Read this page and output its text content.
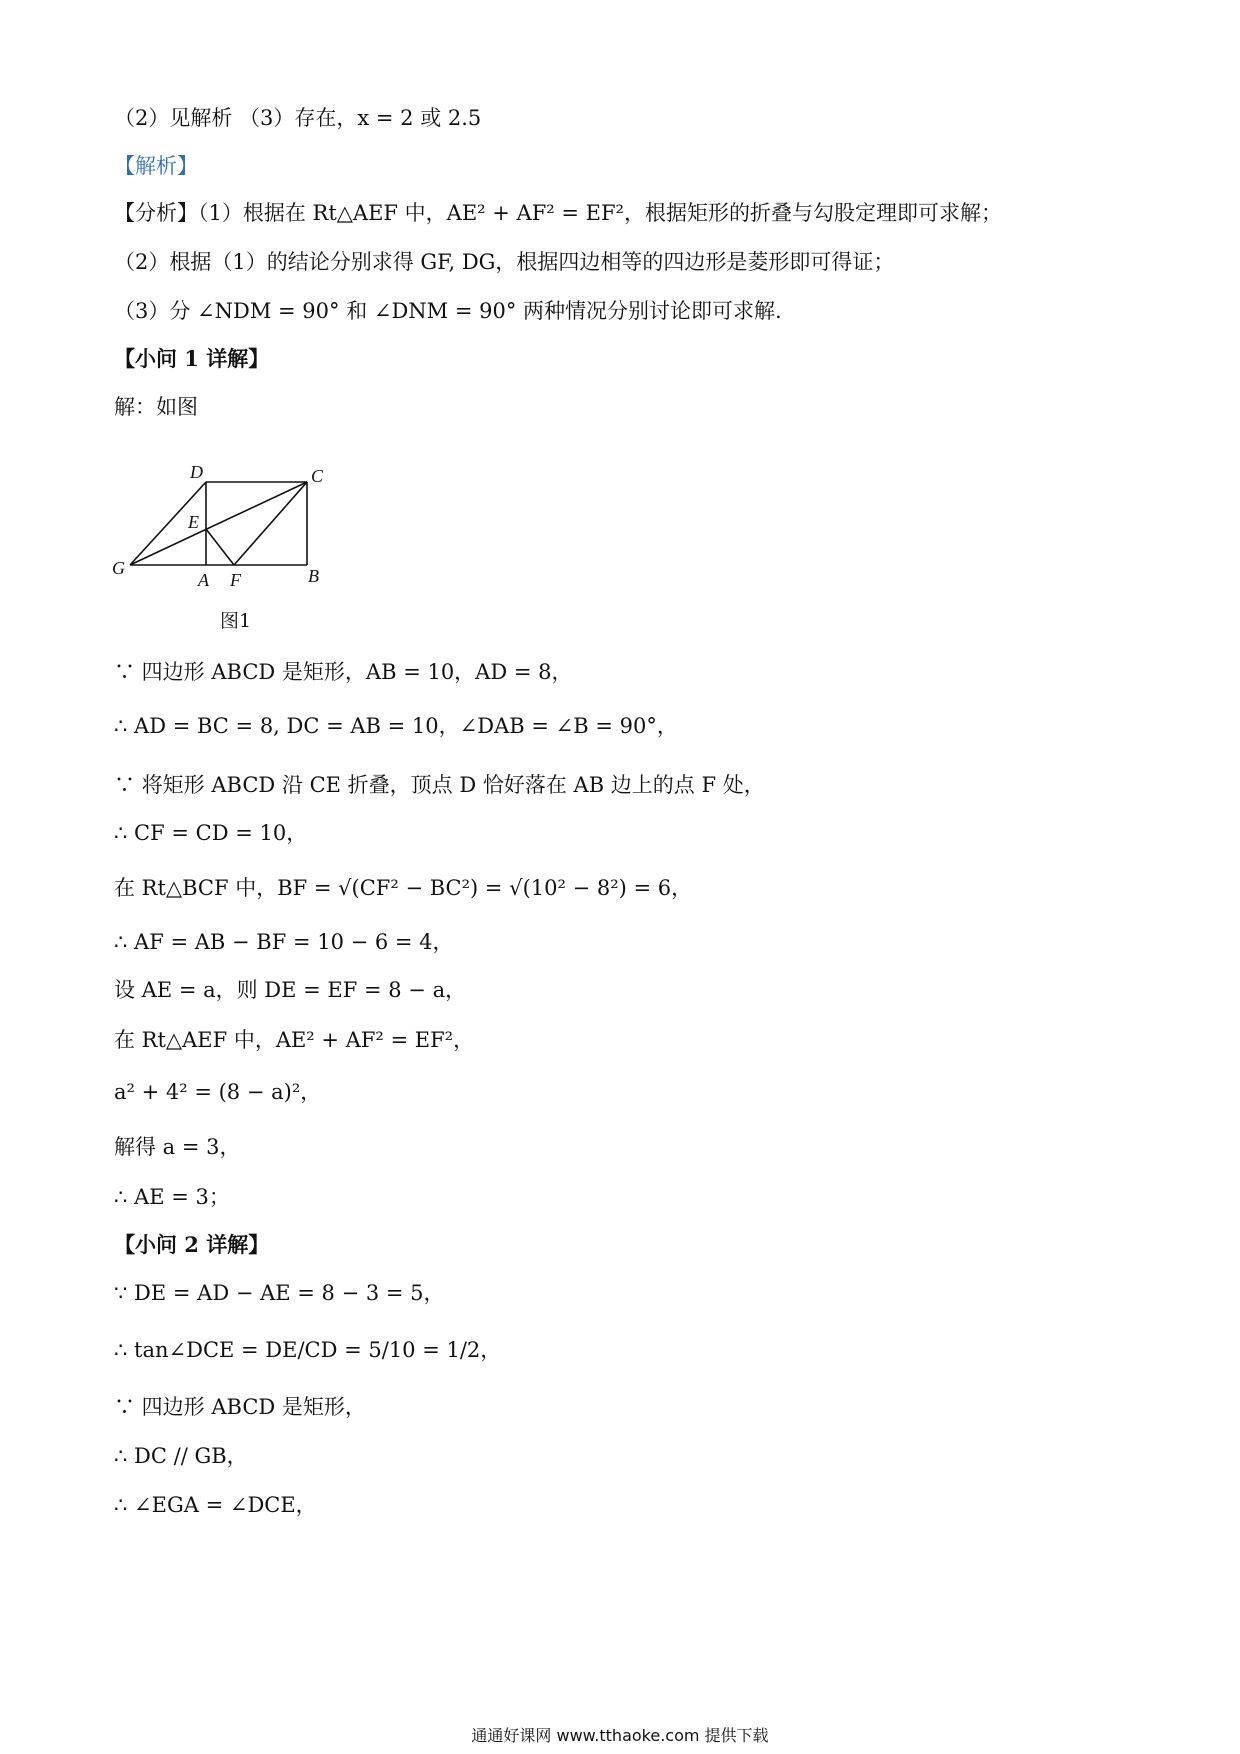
（2）见解析 （3）存在，x = 2 或 2.5
【解析】
【分析】（1）根据在 Rt△AEF 中，AE² + AF² = EF²，根据矩形的折叠与勾股定理即可求解；
（2）根据（1）的结论分别求得 GF, DG，根据四边相等的四边形是菱形即可得证；
（3）分 ∠NDM = 90° 和 ∠DNM = 90° 两种情况分别讨论即可求解.
【小问 1 详解】
解：如图
D	C
E
G
A F	B
图1
∵ 四边形 ABCD 是矩形，AB = 10，AD = 8，
∴ AD = BC = 8, DC = AB = 10，∠DAB = ∠B = 90°，
∵ 将矩形 ABCD 沿 CE 折叠，顶点 D 恰好落在 AB 边上的点 F 处，
∴ CF = CD = 10，
在 Rt△BCF 中，BF = √(CF² − BC²) = √(10² − 8²) = 6，
∴ AF = AB − BF = 10 − 6 = 4，
设 AE = a，则 DE = EF = 8 − a，
在 Rt△AEF 中，AE² + AF² = EF²，
a² + 4² = (8 − a)²，
解得 a = 3，
∴ AE = 3；
【小问 2 详解】
∵ DE = AD − AE = 8 − 3 = 5，
∴ tan∠DCE = DE/CD = 5/10 = 1/2，
∵ 四边形 ABCD 是矩形，
∴ DC // GB，
∴ ∠EGA = ∠DCE，
通通好课网 www.tthaoke.com 提供下载
